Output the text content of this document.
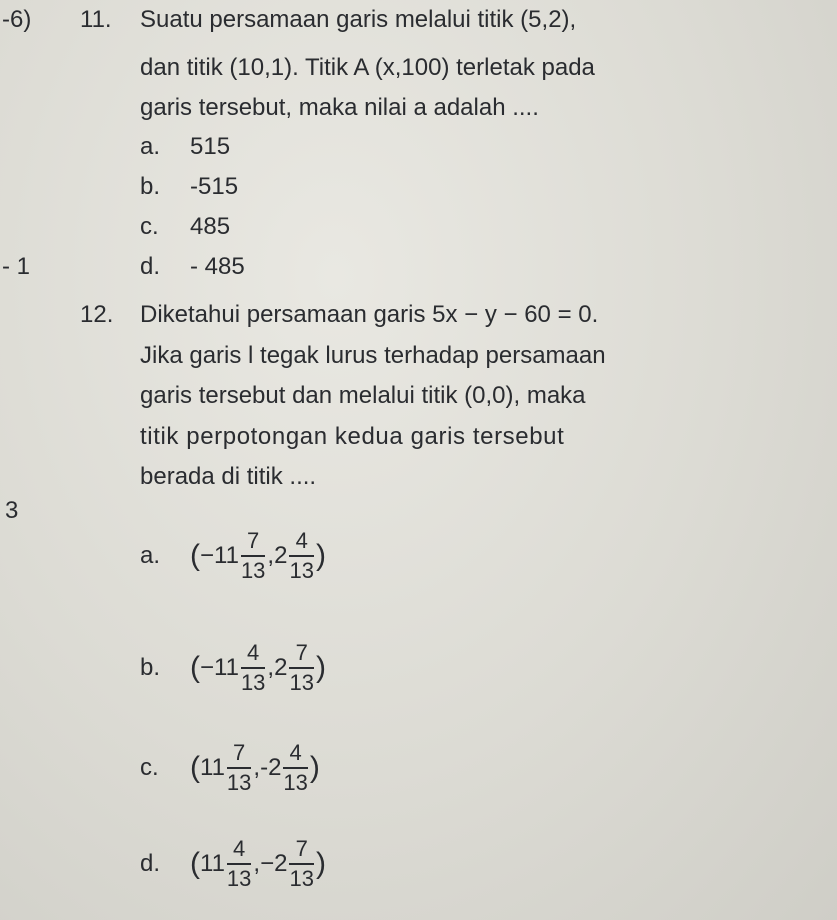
-6)
- 1
3
11. Suatu persamaan garis melalui titik (5,2),
dan titik (10,1). Titik A (x,100) terletak pada
garis tersebut, maka nilai a adalah ....
a. 515
b. -515
c. 485
d. - 485
12. Diketahui persamaan garis 5x − y − 60 = 0.
Jika garis l tegak lurus terhadap persamaan
garis tersebut dan melalui titik (0,0), maka
titik perpotongan kedua garis tersebut
berada di titik ....
a. ( $-11 \frac{7}{13}$ , $2 \frac{4}{13}$ )
b. ( $-11 \frac{4}{13}$ , $2 \frac{7}{13}$ )
c.	( $11 \frac{7}{13}$ , $-2 \frac{4}{13}$ )
d. ( $11 \frac{4}{13}$ , $-2 \frac{7}{13}$ )
